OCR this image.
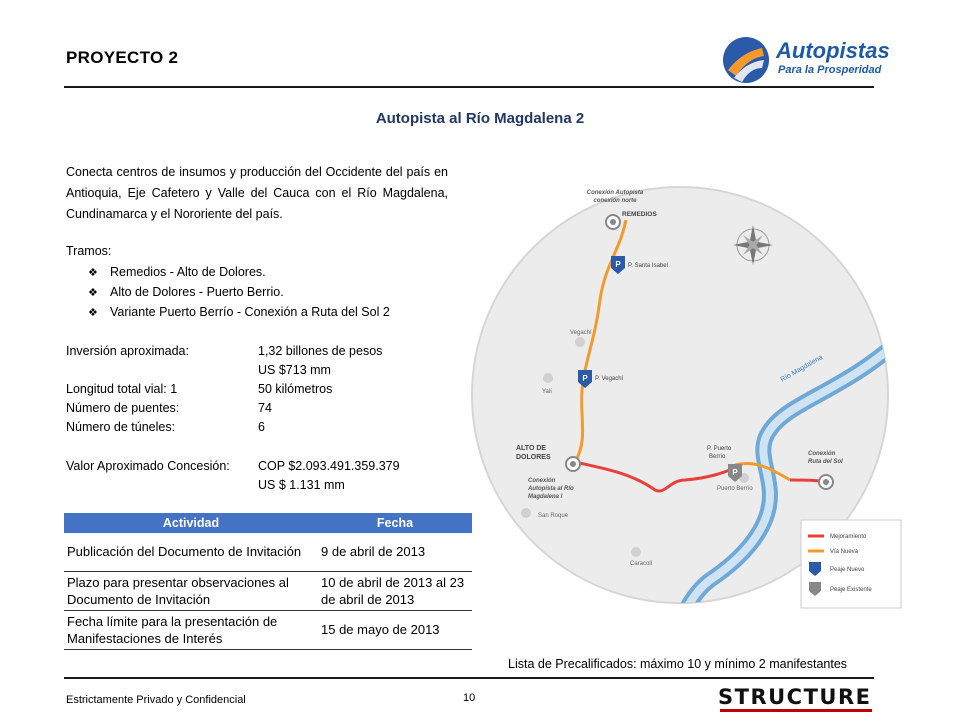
PROYECTO 2	Autopistas
Para la Prosperidad
Autopista al Río Magdalena 2
Conecta centros de insumos y producción del Occidente del país en Antioquia, Eje Cafetero y Valle del Cauca con el Río Magdalena, Cundinamarca y el Nororiente del país.
Tramos:
❖ Remedios - Alto de Dolores.
❖ Alto de Dolores - Puerto Berrio.
❖ Variante Puerto Berrío - Conexión a Ruta del Sol 2
Inversión aproximada:	1,32 billones de pesos
US $713 mm
Longitud total vial: 1	50 kilómetros
Número de puentes:	74
Número de túneles:	6
Valor Aproximado Concesión: COP $2.093.491.359.379
US $ 1.131 mm
Actividad	Fecha
Publicación del Documento de Invitación	9 de abril de 2013
Plazo para presentar observaciones al Documento de Invitación	10 de abril de 2013 al 23 de abril de 2013
Fecha límite para la presentación de Manifestaciones de Interés	15 de mayo de 2013
Río Magdalena
P
P
P
Conexión Autopista
conexión norte
REMEDIOS
P. Santa Isabel
Vegachí
P. Vegachí
Yalí
ALTO DE
DOLORES
P. Puerto
Berrío	Conexión
Ruta del Sol
Conexión
Autopista al Río
Magdalena I
Puerto Berrío
San Roque
Caracolí
Mejoramiento
Vía Nueva
Peaje Nuevo
Peaje Existente
Lista de Precalificados: máximo 10 y mínimo 2 manifestantes
Estrictamente Privado y Confidencial	10	STRUCTURE
